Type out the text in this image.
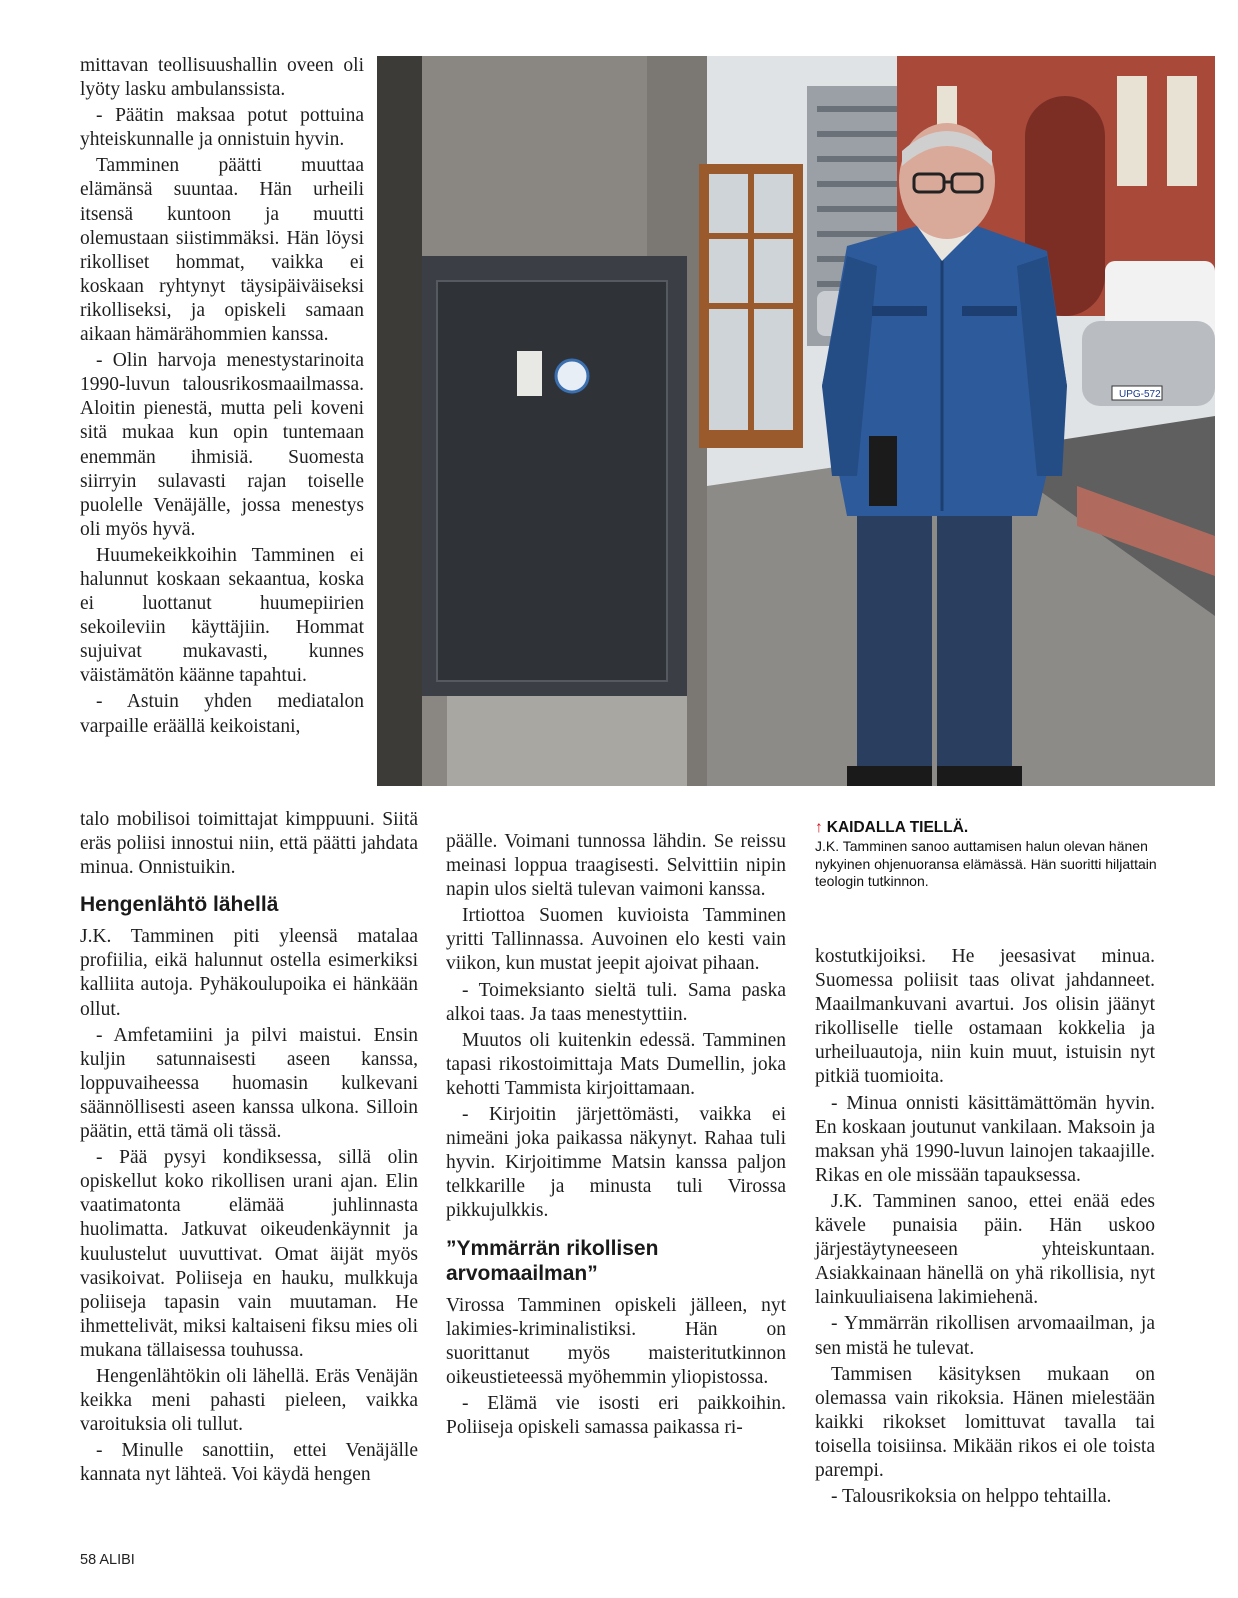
mittavan teollisuushallin oveen oli lyöty lasku ambulanssista.

- Päätin maksaa potut pottuina yhteiskunnalle ja onnistuin hyvin.

Tamminen päätti muuttaa elämänsä suuntaa. Hän urheili itsensä kuntoon ja muutti olemustaan siistimmäksi. Hän löysi rikolliset hommat, vaikka ei koskaan ryhtynyt täysipäiväiseksi rikolliseksi, ja opiskeli samaan aikaan hämärähommien kanssa.

- Olin harvoja menestystarinoita 1990-luvun talousrikosmaailmassa. Aloitin pienestä, mutta peli koveni sitä mukaa kun opin tuntemaan enemmän ihmisiä. Suomesta siirryin sulavasti rajan toiselle puolelle Venäjälle, jossa menestys oli myös hyvä.

Huumekeikkoihin Tamminen ei halunnut koskaan sekaantua, koska ei luottanut huumepiirien sekoileviin käyttäjiin. Hommat sujuivat mukavasti, kunnes väistämätön käänne tapahtui.

- Astuin yhden mediatalon varpaille eräällä keikoistani,

UPG-572
↑ KAIDALLA TIELLÄ.
J.K. Tamminen sanoo auttamisen halun olevan hänen nykyinen ohjenuoransa elämässä. Hän suoritti hiljattain teologin tutkinnon.

talo mobilisoi toimittajat kimppuuni. Siitä eräs poliisi innostui niin, että päätti jahdata minua. Onnistuikin.

Hengenlähtö lähellä

J.K. Tamminen piti yleensä matalaa profiilia, eikä halunnut ostella esimerkiksi kalliita autoja. Pyhäkoulupoika ei hänkään ollut.

- Amfetamiini ja pilvi maistui. Ensin kuljin satunnaisesti aseen kanssa, loppuvaiheessa huomasin kulkevani säännöllisesti aseen kanssa ulkona. Silloin päätin, että tämä oli tässä.

- Pää pysyi kondiksessa, sillä olin opiskellut koko rikollisen urani ajan. Elin vaatimatonta elämää juhlinnasta huolimatta. Jatkuvat oikeudenkäynnit ja kuulustelut uuvuttivat. Omat äijät myös vasikoivat. Poliiseja en hauku, mulkkuja poliiseja tapasin vain muutaman. He ihmettelivät, miksi kaltaiseni fiksu mies oli mukana tällaisessa touhussa.

Hengenlähtökin oli lähellä. Eräs Venäjän keikka meni pahasti pieleen, vaikka varoituksia oli tullut.

- Minulle sanottiin, ettei Venäjälle kannata nyt lähteä. Voi käydä hengen

päälle. Voimani tunnossa lähdin. Se reissu meinasi loppua traagisesti. Selvittiin nipin napin ulos sieltä tulevan vaimoni kanssa.

Irtiottoa Suomen kuvioista Tamminen yritti Tallinnassa. Auvoinen elo kesti vain viikon, kun mustat jeepit ajoivat pihaan.

- Toimeksianto sieltä tuli. Sama paska alkoi taas. Ja taas menestyttiin.

Muutos oli kuitenkin edessä. Tamminen tapasi rikostoimittaja Mats Dumellin, joka kehotti Tammista kirjoittamaan.

- Kirjoitin järjettömästi, vaikka ei nimeäni joka paikassa näkynyt. Rahaa tuli hyvin. Kirjoitimme Matsin kanssa paljon telkkarille ja minusta tuli Virossa pikkujulkkis.

”Ymmärrän rikollisen arvomaailman”

Virossa Tamminen opiskeli jälleen, nyt lakimies-kriminalistiksi. Hän on suorittanut myös maisteritutkinnon oikeustieteessä myöhemmin yliopistossa.

- Elämä vie isosti eri paikkoihin. Poliiseja opiskeli samassa paikassa ri-

kostutkijoiksi. He jeesasivat minua. Suomessa poliisit taas olivat jahdanneet. Maailmankuvani avartui. Jos olisin jäänyt rikolliselle tielle ostamaan kokkelia ja urheiluautoja, niin kuin muut, istuisin nyt pitkiä tuomioita.

- Minua onnisti käsittämättömän hyvin. En koskaan joutunut vankilaan. Maksoin ja maksan yhä 1990-luvun lainojen takaajille. Rikas en ole missään tapauksessa.

J.K. Tamminen sanoo, ettei enää edes kävele punaisia päin. Hän uskoo järjestäytyneeseen yhteiskuntaan. Asiakkainaan hänellä on yhä rikollisia, nyt lainkuuliaisena lakimiehenä.

- Ymmärrän rikollisen arvomaailman, ja sen mistä he tulevat.

Tammisen käsityksen mukaan on olemassa vain rikoksia. Hänen mielestään kaikki rikokset lomittuvat tavalla tai toisella toisiinsa. Mikään rikos ei ole toista parempi.

- Talousrikoksia on helppo tehtailla.

58 ALIBI
